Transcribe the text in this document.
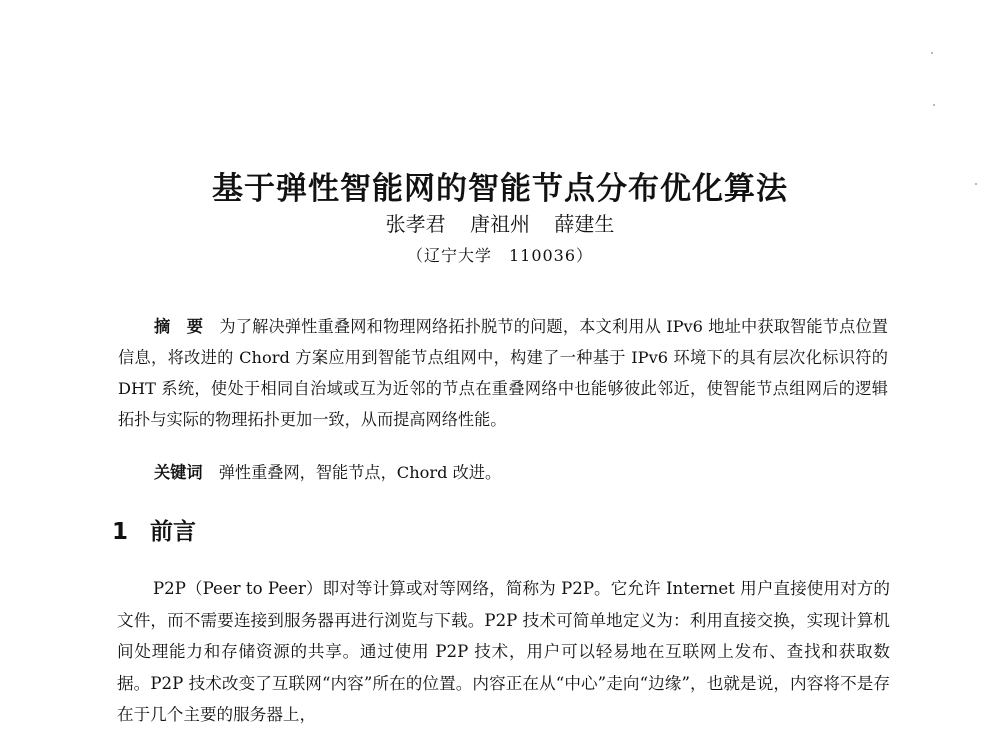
基于弹性智能网的智能节点分布优化算法
张孝君 唐祖州 薛建生
（辽宁大学　110036）

摘　要　 为了解决弹性重叠网和物理网络拓扑脱节的问题，本文利用从 IPv6 地址中获取智能节点位置信息，将改进的 Chord 方案应用到智能节点组网中，构建了一种基于 IPv6 环境下的具有层次化标识符的 DHT 系统，使处于相同自治域或互为近邻的节点在重叠网络中也能够彼此邻近，使智能节点组网后的逻辑拓扑与实际的物理拓扑更加一致，从而提高网络性能。

关键词　 弹性重叠网，智能节点，Chord 改进。

1 前言

P2P（Peer to Peer）即对等计算或对等网络，简称为 P2P。它允许 Internet 用户直接使用对方的文件，而不需要连接到服务器再进行浏览与下载。P2P 技术可简单地定义为：利用直接交换，实现计算机间处理能力和存储资源的共享。通过使用 P2P 技术，用户可以轻易地在互联网上发布、查找和获取数据。P2P 技术改变了互联网“内容”所在的位置。内容正在从“中心”走向“边缘”，也就是说，内容将不是存在于几个主要的服务器上，
